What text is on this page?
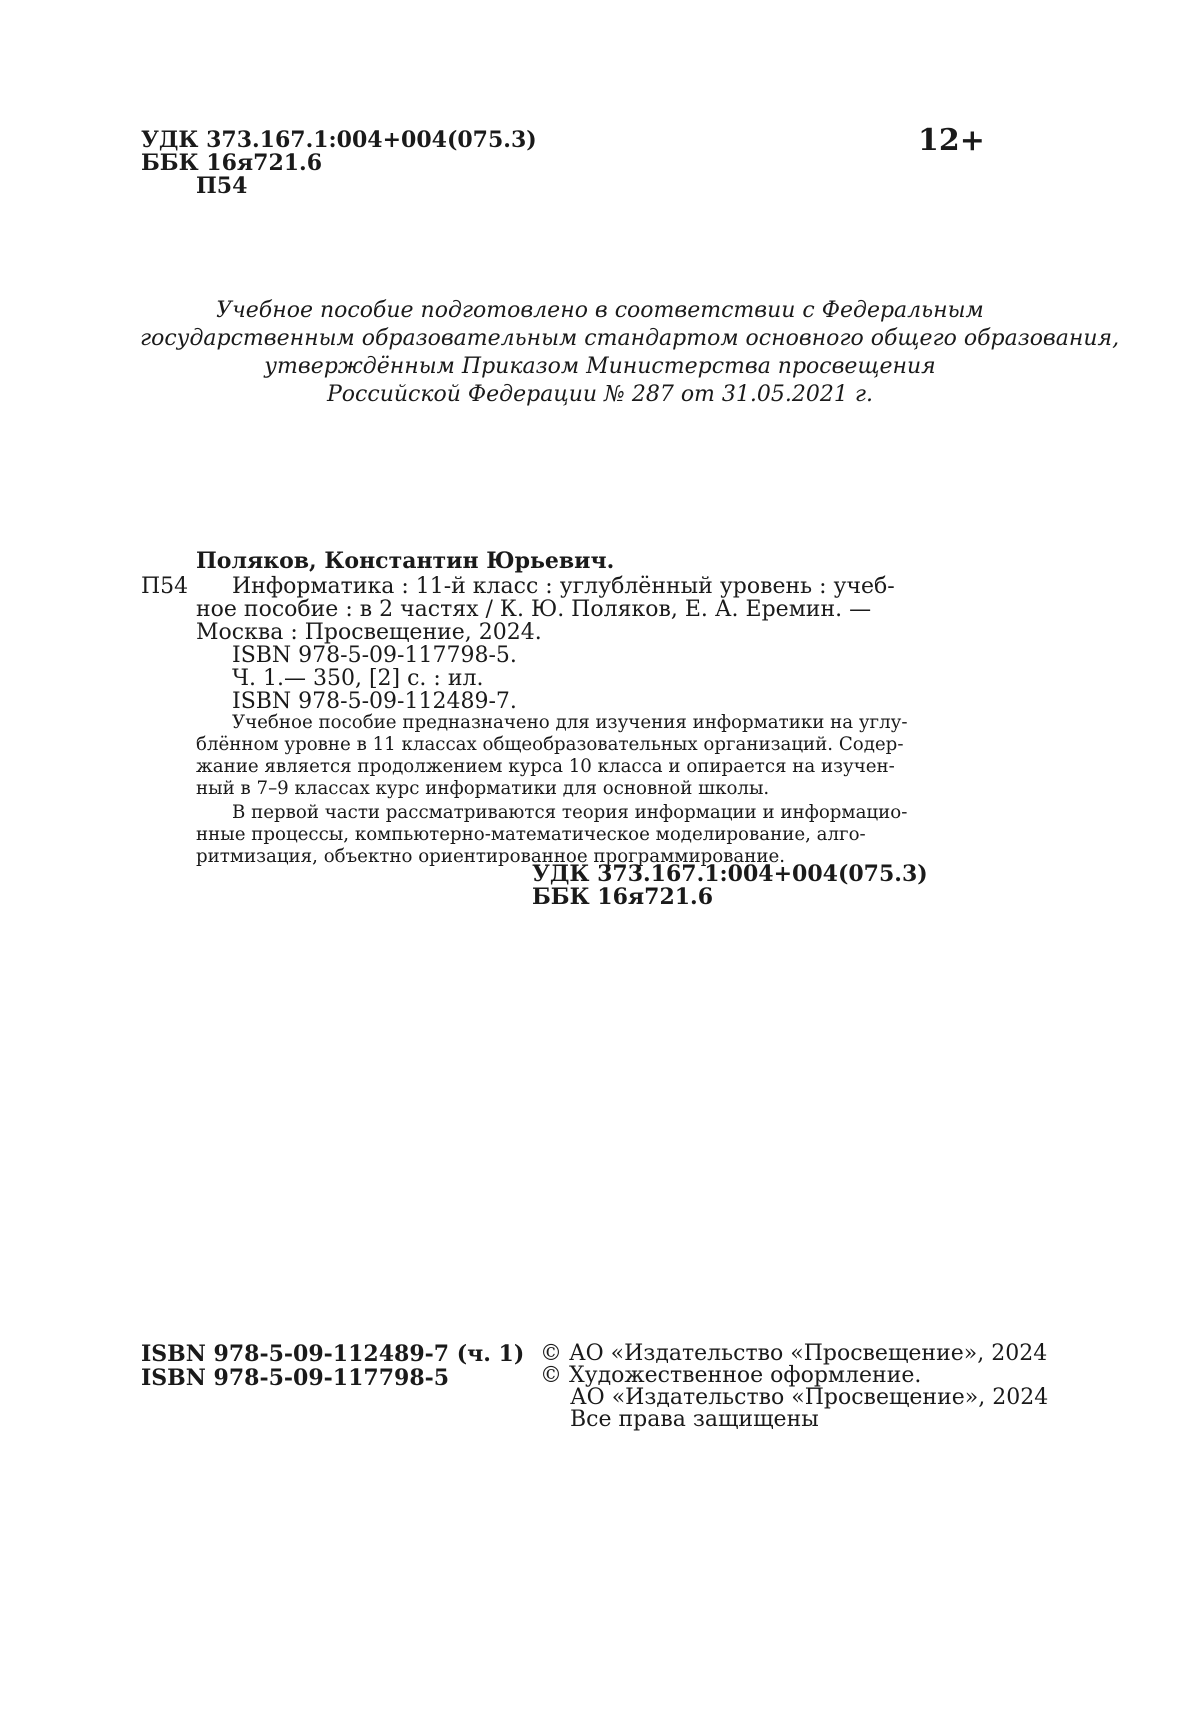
УДК 373.167.1:004+004(075.3)
ББК 16я721.6
П54
12+
Учебное пособие подготовлено в соответствии с Федеральным
государственным образовательным стандартом основного общего образования,
утверждённым Приказом Министерства просвещения
Российской Федерации № 287 от 31.05.2021 г.
Поляков, Константин Юрьевич.
П54 Информатика : 11-й класс : углублённый уровень : учеб-
ное пособие : в 2 частях / К. Ю. Поляков, Е. А. Еремин. —
Москва : Просвещение, 2024.
ISBN 978-5-09-117798-5.
Ч. 1.— 350, [2] с. : ил.
ISBN 978-5-09-112489-7.
Учебное пособие предназначено для изучения информатики на углу-
блённом уровне в 11 классах общеобразовательных организаций. Содер-
жание является продолжением курса 10 класса и опирается на изучен-
ный в 7–9 классах курс информатики для основной школы.
В первой части рассматриваются теория информации и информацио-
нные процессы, компьютерно-математическое моделирование, алго-
ритмизация, объектно ориентированное программирование.
УДК 373.167.1:004+004(075.3)
ББК 16я721.6
ISBN 978-5-09-112489-7 (ч. 1)
ISBN 978-5-09-117798-5
© АО «Издательство «Просвещение», 2024
© Художественное оформление.
АО «Издательство «Просвещение», 2024
Все права защищены
